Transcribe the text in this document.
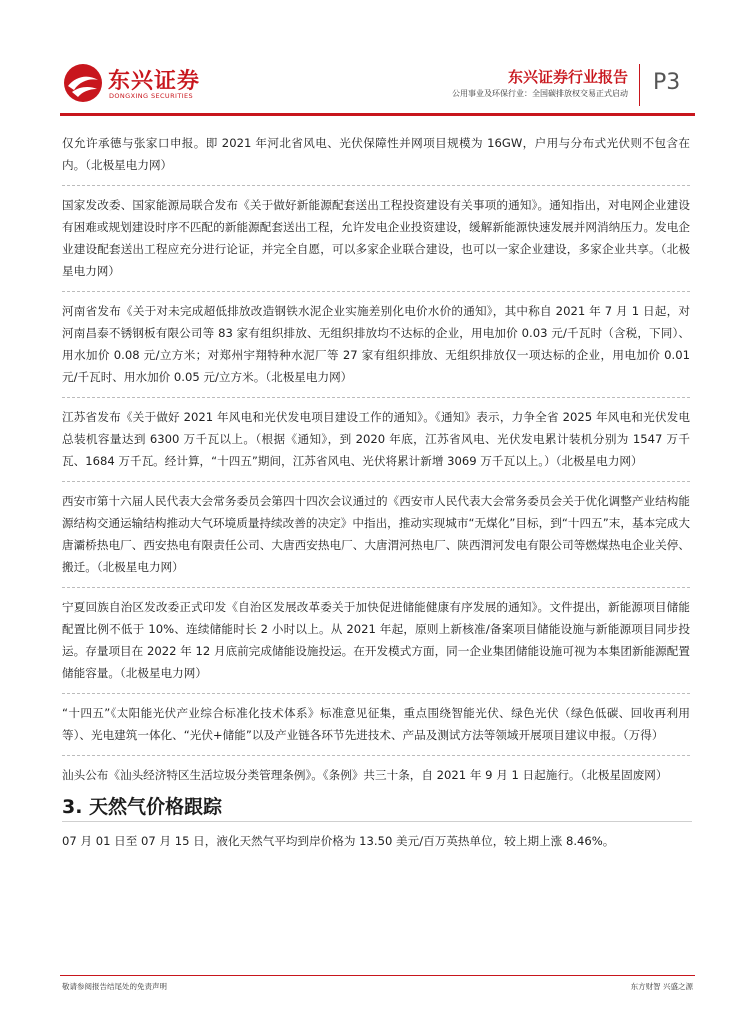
东兴证券
DONGXING SECURITIES
东兴证券行业报告
公用事业及环保行业：全国碳排放权交易正式启动 P3

仅允许承德与张家口申报。即 2021 年河北省风电、光伏保障性并网项目规模为 16GW，户用与分布式光伏则不包含在内。（北极星电力网）

国家发改委、国家能源局联合发布《关于做好新能源配套送出工程投资建设有关事项的通知》。通知指出，对电网企业建设有困难或规划建设时序不匹配的新能源配套送出工程，允许发电企业投资建设，缓解新能源快速发展并网消纳压力。发电企业建设配套送出工程应充分进行论证，并完全自愿，可以多家企业联合建设，也可以一家企业建设，多家企业共享。（北极星电力网）

河南省发布《关于对未完成超低排放改造钢铁水泥企业实施差别化电价水价的通知》，其中称自 2021 年 7 月 1 日起，对河南昌泰不锈钢板有限公司等 83 家有组织排放、无组织排放均不达标的企业，用电加价 0.03 元/千瓦时（含税，下同）、用水加价 0.08 元/立方米；对郑州宇翔特种水泥厂等 27 家有组织排放、无组织排放仅一项达标的企业，用电加价 0.01 元/千瓦时、用水加价 0.05 元/立方米。（北极星电力网）

江苏省发布《关于做好 2021 年风电和光伏发电项目建设工作的通知》。《通知》表示，力争全省 2025 年风电和光伏发电总装机容量达到 6300 万千瓦以上。（根据《通知》，到 2020 年底，江苏省风电、光伏发电累计装机分别为 1547 万千瓦、1684 万千瓦。经计算，“十四五”期间，江苏省风电、光伏将累计新增 3069 万千瓦以上。）（北极星电力网）

西安市第十六届人民代表大会常务委员会第四十四次会议通过的《西安市人民代表大会常务委员会关于优化调整产业结构能源结构交通运输结构推动大气环境质量持续改善的决定》中指出，推动实现城市“无煤化”目标，到“十四五”末，基本完成大唐灞桥热电厂、西安热电有限责任公司、大唐西安热电厂、大唐渭河热电厂、陕西渭河发电有限公司等燃煤热电企业关停、搬迁。（北极星电力网）

宁夏回族自治区发改委正式印发《自治区发展改革委关于加快促进储能健康有序发展的通知》。文件提出，新能源项目储能配置比例不低于 10%、连续储能时长 2 小时以上。从 2021 年起，原则上新核准/备案项目储能设施与新能源项目同步投运。存量项目在 2022 年 12 月底前完成储能设施投运。在开发模式方面，同一企业集团储能设施可视为本集团新能源配置储能容量。（北极星电力网）

“十四五”《太阳能光伏产业综合标准化技术体系》标准意见征集，重点围绕智能光伏、绿色光伏（绿色低碳、回收再利用等）、光电建筑一体化、“光伏+储能”以及产业链各环节先进技术、产品及测试方法等领域开展项目建议申报。（万得）

汕头公布《汕头经济特区生活垃圾分类管理条例》。《条例》共三十条，自 2021 年 9 月 1 日起施行。（北极星固废网）

3. 天然气价格跟踪

07 月 01 日至 07 月 15 日，液化天然气平均到岸价格为 13.50 美元/百万英热单位，较上期上涨 8.46%。

敬请参阅报告结尾处的免责声明	东方财智 兴盛之源
